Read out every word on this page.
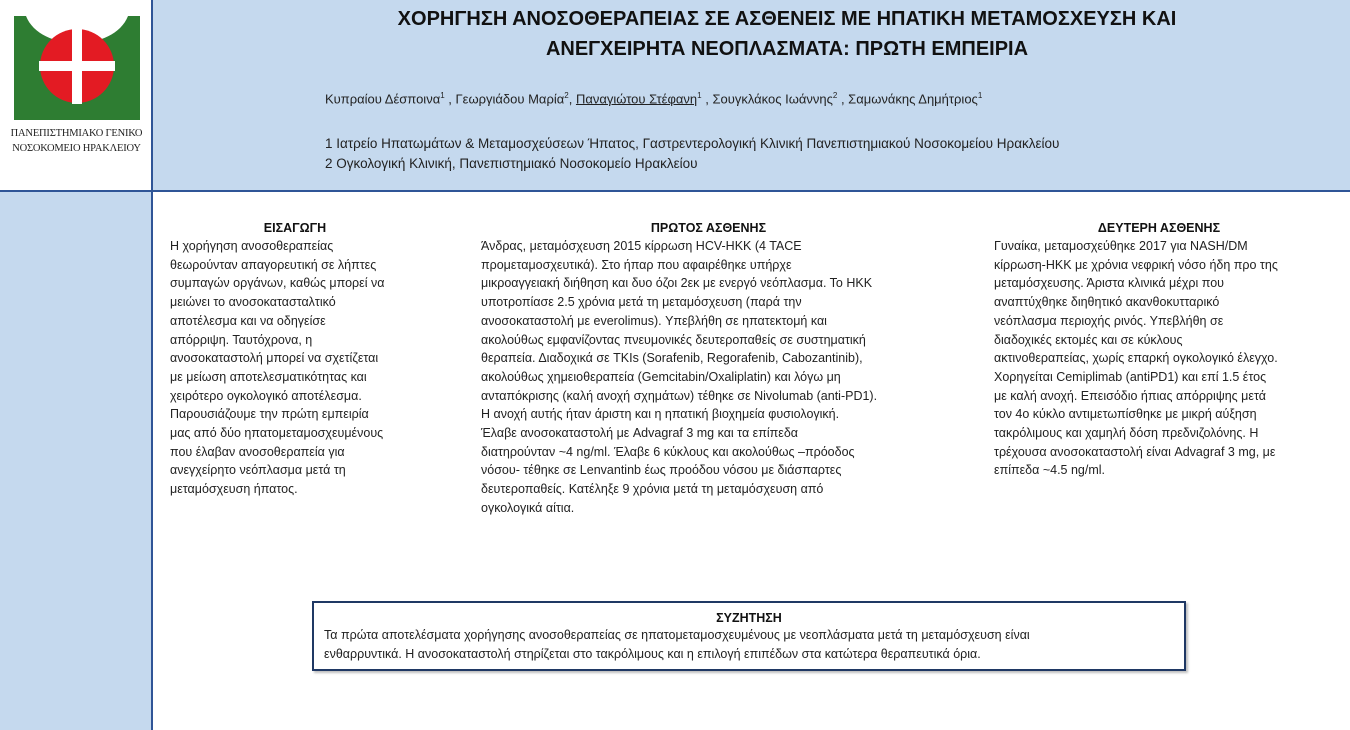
ΧΟΡΗΓΗΣΗ ΑΝΟΣΟΘΕΡΑΠΕΙΑΣ ΣΕ ΑΣΘΕΝΕΙΣ ΜΕ ΗΠΑΤΙΚΗ ΜΕΤΑΜΟΣΧΕΥΣΗ ΚΑΙ
ΑΝΕΓΧΕΙΡΗΤΑ ΝΕΟΠΛΑΣΜΑΤΑ: ΠΡΩΤΗ ΕΜΠΕΙΡΙΑ
Κυπραίου Δέσποινα$^1$ , Γεωργιάδου Μαρία$^2$, Παναγιώτου Στέφανη$^1$ , Σουγκλάκος Ιωάννης$^2$ , Σαμωνάκης Δημήτριος$^1$
1 Ιατρείο Ηπατωμάτων & Μεταμοσχεύσεων Ήπατος, Γαστρεντερολογική Κλινική Πανεπιστημιακού Νοσοκομείου Ηρακλείου
2 Ογκολογική Κλινική, Πανεπιστημιακό Νοσοκομείο Ηρακλείου
ΠΑΝΕΠΙΣΤΗΜΙΑΚΟ ΓΕΝΙΚΟ
ΝΟΣΟΚΟΜΕΙΟ ΗΡΑΚΛΕΙΟΥ
ΕΙΣΑΓΩΓΗ
Η χορήγηση ανοσοθεραπείας
θεωρούνταν απαγορευτική σε λήπτες
συμπαγών οργάνων, καθώς μπορεί να
μειώνει το ανοσοκατασταλτικό
αποτέλεσμα και να οδηγείσε
απόρριψη. Ταυτόχρονα, η
ανοσοκαταστολή μπορεί να σχετίζεται
με μείωση αποτελεσματικότητας και
χειρότερο ογκολογικό αποτέλεσμα.
Παρουσιάζουμε την πρώτη εμπειρία
μας από δύο ηπατομεταμοσχευμένους
που έλαβαν ανοσοθεραπεία για
ανεγχείρητο νεόπλασμα μετά τη
μεταμόσχευση ήπατος.
ΠΡΩΤΟΣ ΑΣΘΕΝΗΣ
Άνδρας, μεταμόσχευση 2015 κίρρωση HCV-HKK (4 TACE
προμεταμοσχευτικά). Στο ήπαρ που αφαιρέθηκε υπήρχε
μικροαγγειακή διήθηση και δυο όζοι 2εκ με ενεργό νεόπλασμα. Το HKK
υποτροπίασε 2.5 χρόνια μετά τη μεταμόσχευση (παρά την
ανοσοκαταστολή με everolimus). Υπεβλήθη σε ηπατεκτομή και
ακολούθως εμφανίζοντας πνευμονικές δευτεροπαθείς σε συστηματική
θεραπεία. Διαδοχικά σε TKIs (Sorafenib, Regorafenib, Cabozantinib),
ακολούθως χημειοθεραπεία (Gemcitabin/Oxaliplatin) και λόγω μη
ανταπόκρισης (καλή ανοχή σχημάτων) τέθηκε σε Nivolumab (anti-PD1).
Η ανοχή αυτής ήταν άριστη και η ηπατική βιοχημεία φυσιολογική.
Έλαβε ανοσοκαταστολή με Advagraf 3 mg και τα επίπεδα
διατηρούνταν ~4 ng/ml. Έλαβε 6 κύκλους και ακολούθως –πρόοδος
νόσου- τέθηκε σε Lenvantinb έως προόδου νόσου με διάσπαρτες
δευτεροπαθείς. Κατέληξε 9 χρόνια μετά τη μεταμόσχευση από
ογκολογικά αίτια.
ΔΕΥΤΕΡΗ ΑΣΘΕΝΗΣ
Γυναίκα, μεταμοσχεύθηκε 2017 για NASH/DM
κίρρωση-HKK με χρόνια νεφρική νόσο ήδη προ της
μεταμόσχευσης. Άριστα κλινικά μέχρι που
αναπτύχθηκε διηθητικό ακανθοκυτταρικό
νεόπλασμα περιοχής ρινός. Υπεβλήθη σε
διαδοχικές εκτομές και σε κύκλους
ακτινοθεραπείας, χωρίς επαρκή ογκολογικό έλεγχο.
Χορηγείται Cemiplimab (antiPD1) και επί 1.5 έτος
με καλή ανοχή. Επεισόδιο ήπιας απόρριψης μετά
τον 4ο κύκλο αντιμετωπίσθηκε με μικρή αύξηση
τακρόλιμους και χαμηλή δόση πρεδνιζολόνης. Η
τρέχουσα ανοσοκαταστολή είναι Advagraf 3 mg, με
επίπεδα ~4.5 ng/ml.
ΣΥΖΗΤΗΣΗ
Τα πρώτα αποτελέσματα χορήγησης ανοσοθεραπείας σε ηπατομεταμοσχευμένους με νεοπλάσματα μετά τη μεταμόσχευση είναι
ενθαρρυντικά. Η ανοσοκαταστολή στηρίζεται στο τακρόλιμους και η επιλογή επιπέδων στα κατώτερα θεραπευτικά όρια.
